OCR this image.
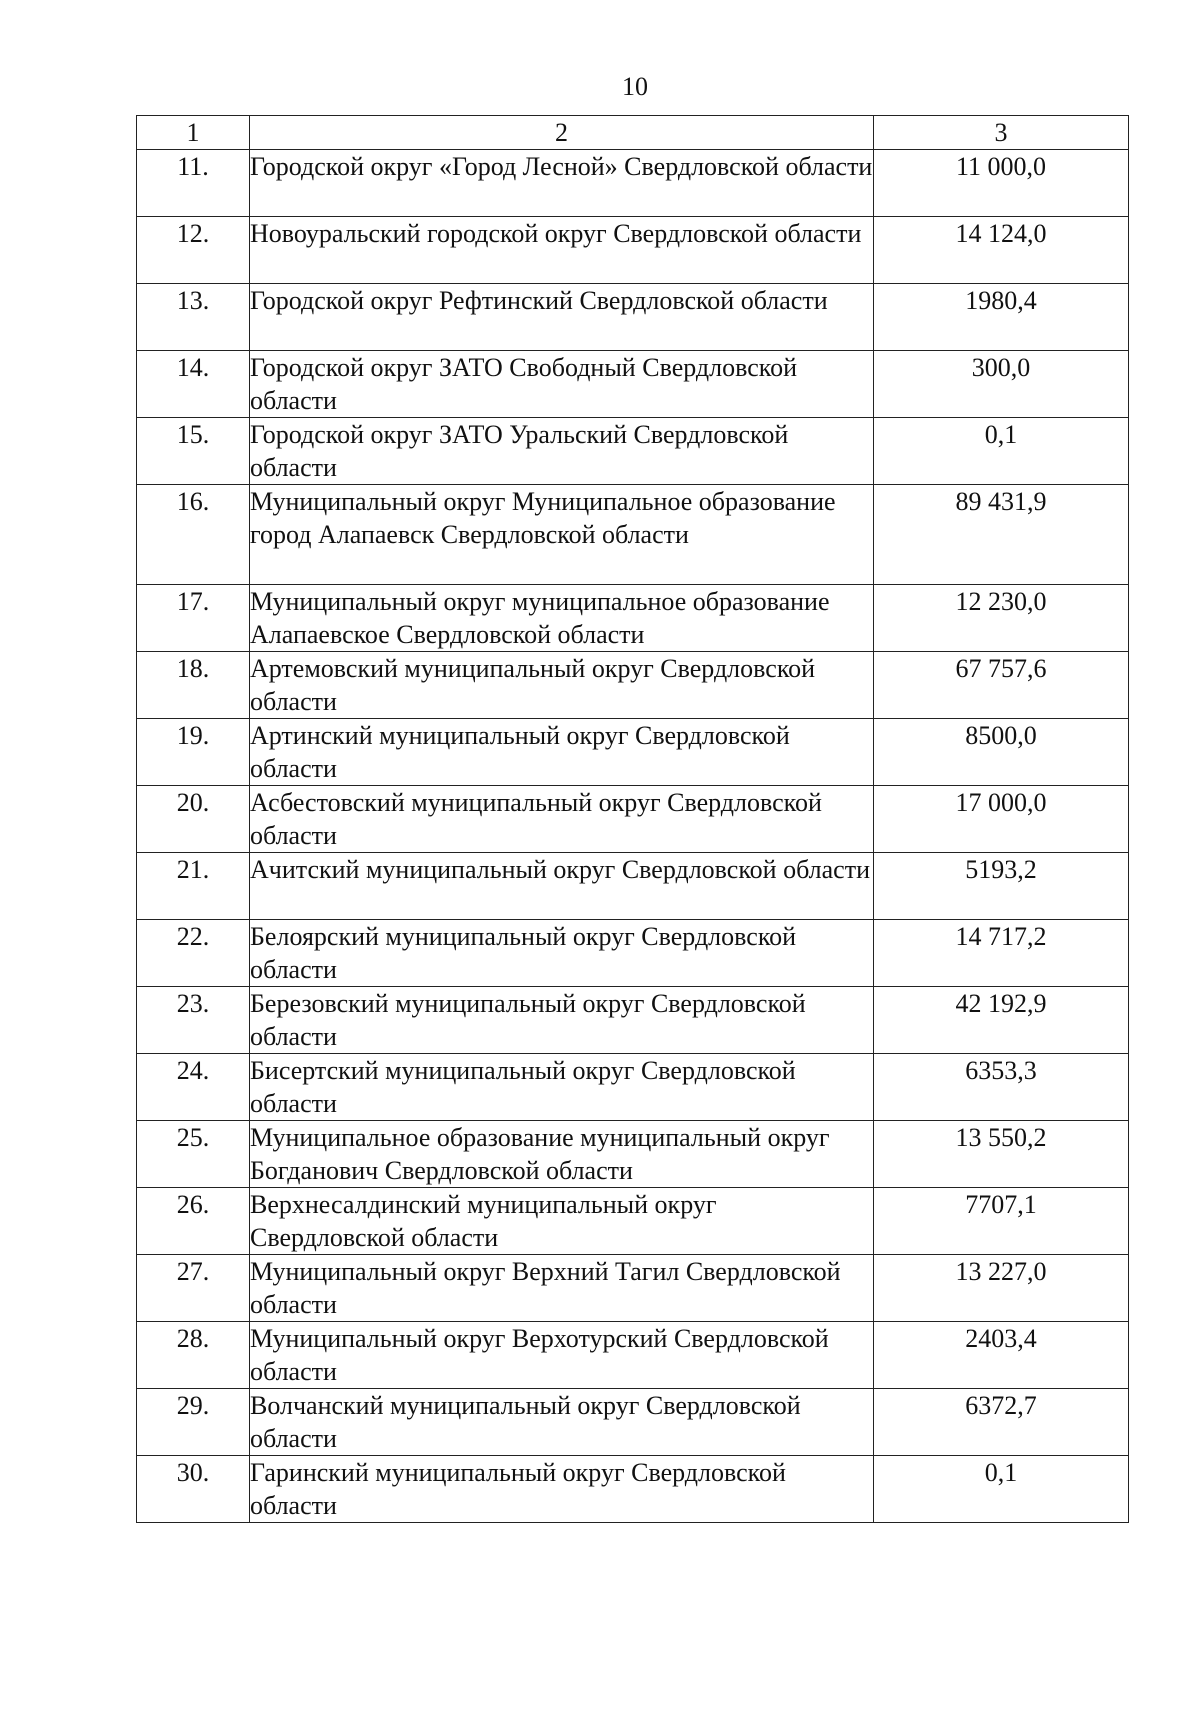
10
1	2	3
11.	Городской округ «Город Лесной» Свердловской области	11 000,0
12.	Новоуральский городской округ Свердловской области	14 124,0
13.	Городской округ Рефтинский Свердловской области	1980,4
14.	Городской округ ЗАТО Свободный Свердловской области	300,0
15.	Городской округ ЗАТО Уральский Свердловской области	0,1
16.	Муниципальный округ Муниципальное образование город Алапаевск Свердловской области	89 431,9
17.	Муниципальный округ муниципальное образование Алапаевское Свердловской области	12 230,0
18.	Артемовский муниципальный округ Свердловской области	67 757,6
19.	Артинский муниципальный округ Свердловской области	8500,0
20.	Асбестовский муниципальный округ Свердловской области	17 000,0
21.	Ачитский муниципальный округ Свердловской области	5193,2
22.	Белоярский муниципальный округ Свердловской области	14 717,2
23.	Березовский муниципальный округ Свердловской области	42 192,9
24.	Бисертский муниципальный округ Свердловской области	6353,3
25.	Муниципальное образование муниципальный округ Богданович Свердловской области	13 550,2
26.	Верхнесалдинский муниципальный округ Свердловской области	7707,1
27.	Муниципальный округ Верхний Тагил Свердловской области	13 227,0
28.	Муниципальный округ Верхотурский Свердловской области	2403,4
29.	Волчанский муниципальный округ Свердловской области	6372,7
30.	Гаринский муниципальный округ Свердловской области	0,1
